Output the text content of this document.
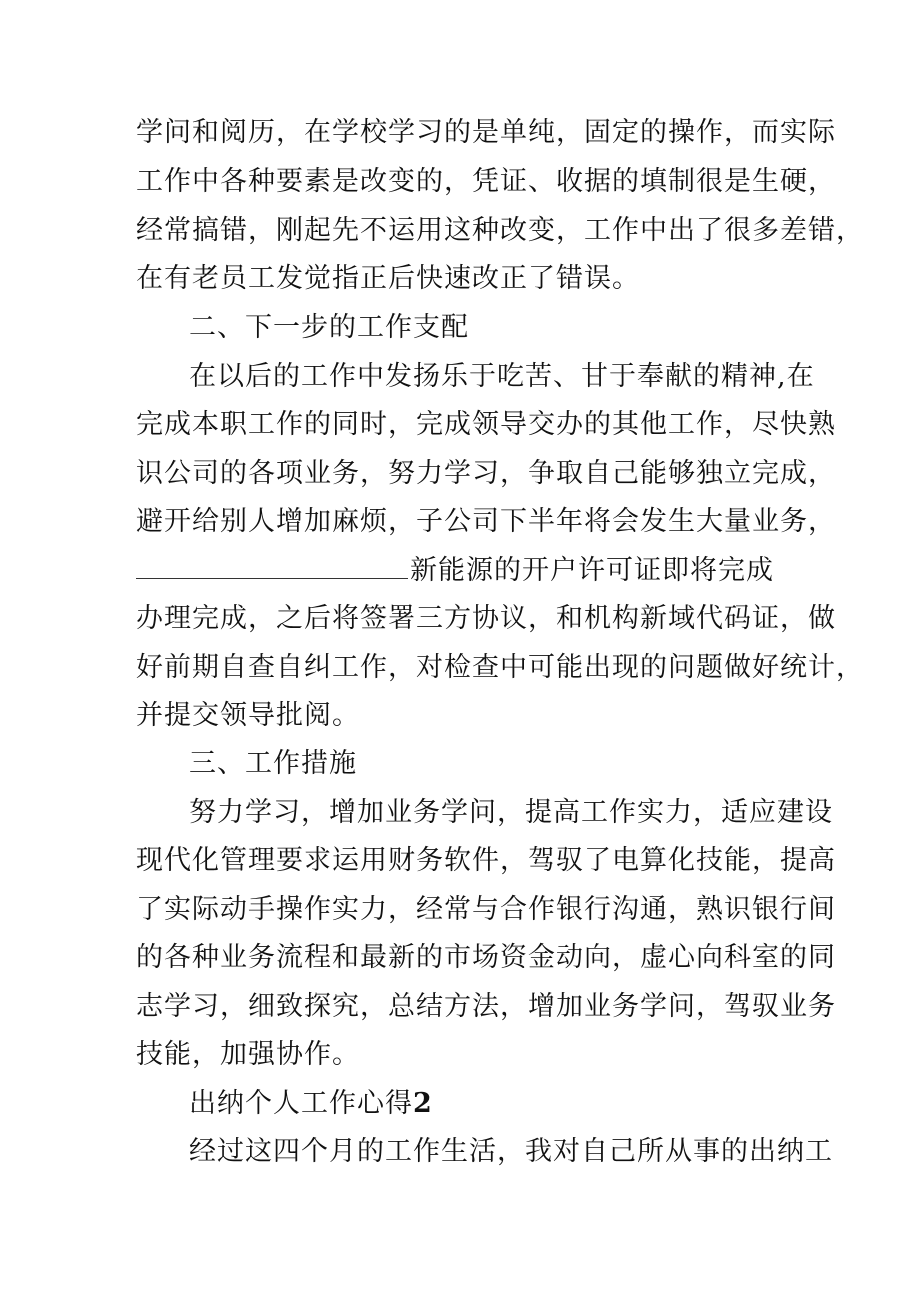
学问和阅历，在学校学习的是单纯，固定的操作，而实际
工作中各种要素是改变的，凭证、收据的填制很是生硬，
经常搞错，刚起先不运用这种改变，工作中出了很多差错，
在有老员工发觉指正后快速改正了错误。
二、下一步的工作支配
在以后的工作中发扬乐于吃苦、甘于奉献的精神,在
完成本职工作的同时，完成领导交办的其他工作，尽快熟
识公司的各项业务，努力学习，争取自己能够独立完成，
避开给别人增加麻烦，子公司下半年将会发生大量业务，
新能源的开户许可证即将完成
办理完成，之后将签署三方协议，和机构新域代码证，做
好前期自查自纠工作，对检查中可能出现的问题做好统计，
并提交领导批阅。
三、工作措施
努力学习，增加业务学问，提高工作实力，适应建设
现代化管理要求运用财务软件，驾驭了电算化技能，提高
了实际动手操作实力，经常与合作银行沟通，熟识银行间
的各种业务流程和最新的市场资金动向，虚心向科室的同
志学习，细致探究，总结方法，增加业务学问，驾驭业务
技能，加强协作。
出纳个人工作心得2
经过这四个月的工作生活，我对自己所从事的出纳工
